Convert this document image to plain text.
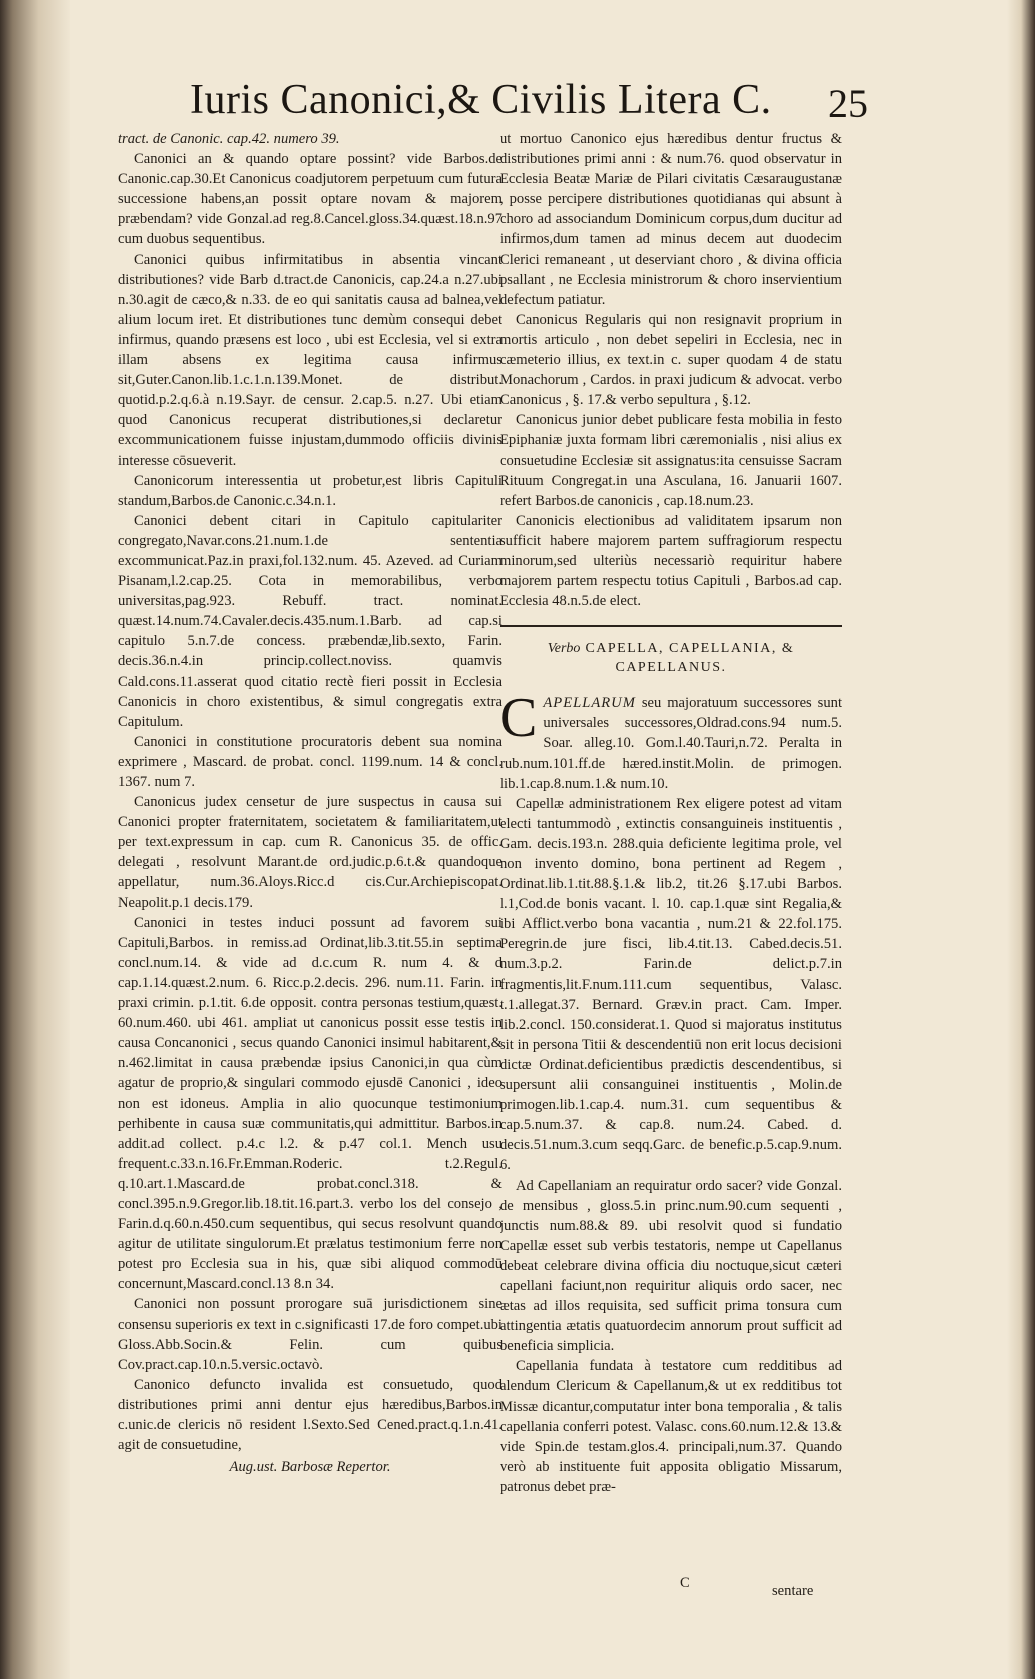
Iuris Canonici,& Civilis Litera C.	25

tract. de Canonic. cap.42. numero 39.

Canonici an & quando optare possint? vide Barbos.de Canonic.cap.30.Et Canonicus coadjutorem perpetuum cum futura successione habens,an possit optare novam & majorem præbendam? vide Gonzal.ad reg.8.Cancel.gloss.34.quæst.18.n.97 cum duobus sequentibus.

Canonici quibus infirmitatibus in absentia vincant distributiones? vide Barb d.tract.de Canonicis, cap.24.a n.27.ubi n.30.agit de cæco,& n.33. de eo qui sanitatis causa ad balnea,vel alium locum iret. Et distributiones tunc demùm consequi debet infirmus, quando præsens est loco , ubi est Ecclesia, vel si extra illam absens ex legitima causa infirmus sit,Guter.Canon.lib.1.c.1.n.139.Monet. de distribut. quotid.p.2.q.6.à n.19.Sayr. de censur. 2.cap.5. n.27. Ubi etiam quod Canonicus recuperat distributiones,si declaretur excommunicationem fuisse injustam,dummodo officiis divinis interesse cōsueverit.

Canonicorum interessentia ut probetur,est libris Capituli standum,Barbos.de Canonic.c.34.n.1.

Canonici debent citari in Capitulo capitulariter congregato,Navar.cons.21.num.1.de sententia excommunicat.Paz.in praxi,fol.132.num. 45. Azeved. ad Curiam Pisanam,l.2.cap.25. Cota in memorabilibus, verbo universitas,pag.923. Rebuff. tract. nominat. quæst.14.num.74.Cavaler.decis.435.num.1.Barb. ad cap.si capitulo 5.n.7.de concess. præbendæ,lib.sexto, Farin. decis.36.n.4.in princip.collect.noviss. quamvis Cald.cons.11.asserat quod citatio rectè fieri possit in Ecclesia Canonicis in choro existentibus, & simul congregatis extra Capitulum.

Canonici in constitutione procuratoris debent sua nomina exprimere , Mascard. de probat. concl. 1199.num. 14 & concl. 1367. num 7.

Canonicus judex censetur de jure suspectus in causa sui Canonici propter fraternitatem, societatem & familiaritatem,ut per text.expressum in cap. cum R. Canonicus 35. de offic. delegati , resolvunt Marant.de ord.judic.p.6.t.& quandoque appellatur, num.36.Aloys.Ricc.d cis.Cur.Archiepiscopat. Neapolit.p.1 decis.179.

Canonici in testes induci possunt ad favorem sui Capituli,Barbos. in remiss.ad Ordinat,lib.3.tit.55.in septima concl.num.14. & vide ad d.c.cum R. num 4. & d cap.1.14.quæst.2.num. 6. Ricc.p.2.decis. 296. num.11. Farin. in praxi crimin. p.1.tit. 6.de opposit. contra personas testium,quæst. 60.num.460. ubi 461. ampliat ut canonicus possit esse testis in causa Concanonici , secus quando Canonici insimul habitarent,& n.462.limitat in causa præbendæ ipsius Canonici,in qua cùm agatur de proprio,& singulari commodo ejusdē Canonici , ideo non est idoneus. Amplia in alio quocunque testimonium perhibente in causa suæ communitatis,qui admittitur. Barbos.in addit.ad collect. p.4.c l.2. & p.47 col.1. Mench usu frequent.c.33.n.16.Fr.Emman.Roderic. t.2.Regul. q.10.art.1.Mascard.de probat.concl.318. & concl.395.n.9.Gregor.lib.18.tit.16.part.3. verbo los del consejo , Farin.d.q.60.n.450.cum sequentibus, qui secus resolvunt quando agitur de utilitate singulorum.Et prælatus testimonium ferre non potest pro Ecclesia sua in his, quæ sibi aliquod commodū concernunt,Mascard.concl.13 8.n 34.

Canonici non possunt prorogare suā jurisdictionem sine consensu superioris ex text in c.significasti 17.de foro compet.ubi Gloss.Abb.Socin.& Felin. cum quibus Cov.pract.cap.10.n.5.versic.octavò.

Canonico defuncto invalida est consuetudo, quod distributiones primi anni dentur ejus hæredibus,Barbos.in c.unic.de clericis nō resident l.Sexto.Sed Cened.pract.q.1.n.41. agit de consuetudine,

Aug.ust. Barbosæ Repertor.

ut mortuo Canonico ejus hæredibus dentur fructus & distributiones primi anni : & num.76. quod observatur in Ecclesia Beatæ Mariæ de Pilari civitatis Cæsaraugustanæ , posse percipere distributiones quotidianas qui absunt à choro ad associandum Dominicum corpus,dum ducitur ad infirmos,dum tamen ad minus decem aut duodecim Clerici remaneant , ut deserviant choro , & divina officia psallant , ne Ecclesia ministrorum & choro inservientium defectum patiatur.

Canonicus Regularis qui non resignavit proprium in mortis articulo , non debet sepeliri in Ecclesia, nec in cæmeterio illius, ex text.in c. super quodam 4 de statu Monachorum , Cardos. in praxi judicum & advocat. verbo Canonicus , §. 17.& verbo sepultura , §.12.

Canonicus junior debet publicare festa mobilia in festo Epiphaniæ juxta formam libri cæremonialis , nisi alius ex consuetudine Ecclesiæ sit assignatus:ita censuisse Sacram Rituum Congregat.in una Asculana, 16. Januarii 1607. refert Barbos.de canonicis , cap.18.num.23.

Canonicis electionibus ad validitatem ipsarum non sufficit habere majorem partem suffragiorum respectu minorum,sed ulteriùs necessariò requiritur habere majorem partem respectu totius Capituli , Barbos.ad cap. Ecclesia 48.n.5.de elect.

Verbo CAPELLA, CAPELLANIA, & CAPELLANUS.

C APELLARUM seu majoratuum successores sunt universales successores,Oldrad.cons.94 num.5. Soar. alleg.10. Gom.l.40.Tauri,n.72. Peralta in rub.num.101.ff.de hæred.instit.Molin. de primogen. lib.1.cap.8.num.1.& num.10.

Capellæ administrationem Rex eligere potest ad vitam electi tantummodò , extinctis consanguineis instituentis , Gam. decis.193.n. 288.quia deficiente legitima prole, vel non invento domino, bona pertinent ad Regem , Ordinat.lib.1.tit.88.§.1.& lib.2, tit.26 §.17.ubi Barbos. l.1,Cod.de bonis vacant. l. 10. cap.1.quæ sint Regalia,& ibi Afflict.verbo bona vacantia , num.21 & 22.fol.175. Peregrin.de jure fisci, lib.4.tit.13. Cabed.decis.51. num.3.p.2. Farin.de delict.p.7.in fragmentis,lit.F.num.111.cum sequentibus, Valasc. t.1.allegat.37. Bernard. Græv.in pract. Cam. Imper. lib.2.concl. 150.considerat.1. Quod si majoratus institutus sit in persona Titii & descendentiū non erit locus decisioni dictæ Ordinat.deficientibus prædictis descendentibus, si supersunt alii consanguinei instituentis , Molin.de primogen.lib.1.cap.4. num.31. cum sequentibus & cap.5.num.37. & cap.8. num.24. Cabed. d. decis.51.num.3.cum seqq.Garc. de benefic.p.5.cap.9.num. 6.

Ad Capellaniam an requiratur ordo sacer? vide Gonzal. de mensibus , gloss.5.in princ.num.90.cum sequenti , junctis num.88.& 89. ubi resolvit quod si fundatio Capellæ esset sub verbis testatoris, nempe ut Capellanus debeat celebrare divina officia diu noctuque,sicut cæteri capellani faciunt,non requiritur aliquis ordo sacer, nec ætas ad illos requisita, sed sufficit prima tonsura cum attingentia ætatis quatuordecim annorum prout sufficit ad beneficia simplicia.

Capellania fundata à testatore cum redditibus ad alendum Clericum & Capellanum,& ut ex redditibus tot Missæ dicantur,computatur inter bona temporalia , & talis capellania conferri potest. Valasc. cons.60.num.12.& 13.& vide Spin.de testam.glos.4. principali,num.37. Quando verò ab instituente fuit apposita obligatio Missarum, patronus debet præ-

C	sentare
